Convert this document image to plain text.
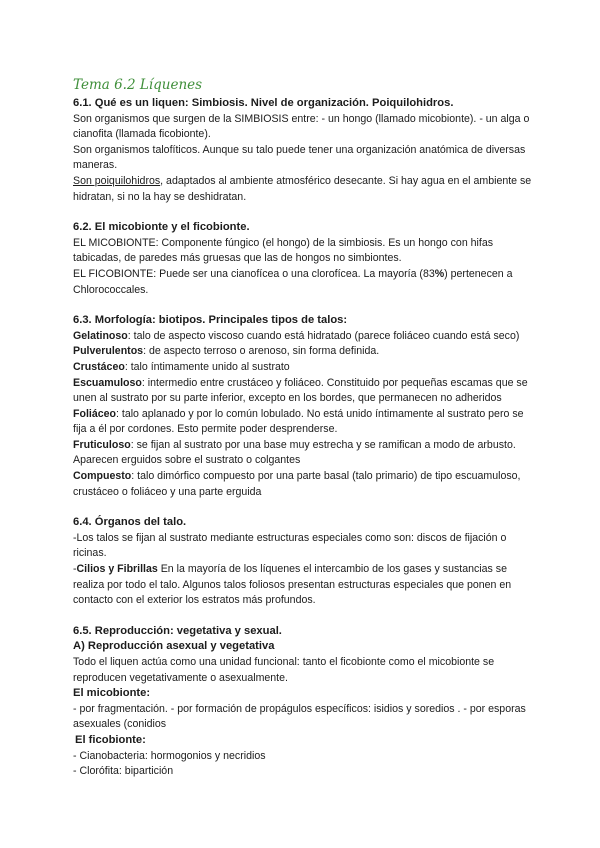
Tema 6.2 Líquenes

6.1. Qué es un liquen: Simbiosis. Nivel de organización. Poiquilohidros.

Son organismos que surgen de la SIMBIOSIS entre: - un hongo (llamado micobionte). - un alga o cianofita (llamada ficobionte).

Son organismos talofíticos. Aunque su talo puede tener una organización anatómica de diversas maneras.

Son poiquilohidros, adaptados al ambiente atmosférico desecante. Si hay agua en el ambiente se hidratan, si no la hay se deshidratan.

6.2. El micobionte y el ficobionte.

EL MICOBIONTE: Componente fúngico (el hongo) de la simbiosis. Es un hongo con hifas tabicadas, de paredes más gruesas que las de hongos no simbiontes.

EL FICOBIONTE: Puede ser una cianofícea o una clorofícea. La mayoría (83%) pertenecen a Chlorococcales.

6.3. Morfología: biotipos. Principales tipos de talos:

Gelatinoso: talo de aspecto viscoso cuando está hidratado (parece foliáceo cuando está seco)

Pulverulentos: de aspecto terroso o arenoso, sin forma definida.

Crustáceo: talo íntimamente unido al sustrato

Escuamuloso: intermedio entre crustáceo y foliáceo. Constituido por pequeñas escamas que se unen al sustrato por su parte inferior, excepto en los bordes, que permanecen no adheridos

Foliáceo: talo aplanado y por lo común lobulado. No está unido íntimamente al sustrato pero se fija a él por cordones. Esto permite poder desprenderse.

Fruticuloso: se fijan al sustrato por una base muy estrecha y se ramifican a modo de arbusto. Aparecen erguidos sobre el sustrato o colgantes

Compuesto: talo dimórfico compuesto por una parte basal (talo primario) de tipo escuamuloso, crustáceo o foliáceo y una parte erguida

6.4. Órganos del talo.

-Los talos se fijan al sustrato mediante estructuras especiales como son: discos de fijación o ricinas.

-Cilios y Fibrillas En la mayoría de los líquenes el intercambio de los gases y sustancias se realiza por todo el talo. Algunos talos foliosos presentan estructuras especiales que ponen en contacto con el exterior los estratos más profundos.

6.5. Reproducción: vegetativa y sexual.

A) Reproducción asexual y vegetativa

Todo el liquen actúa como una unidad funcional: tanto el ficobionte como el micobionte se reproducen vegetativamente o asexualmente.

El micobionte:

- por fragmentación. - por formación de propágulos específicos: isidios y soredios . - por esporas asexuales (conidios

El ficobionte:

- Cianobacteria: hormogonios y necridios

- Clorófita: bipartición
